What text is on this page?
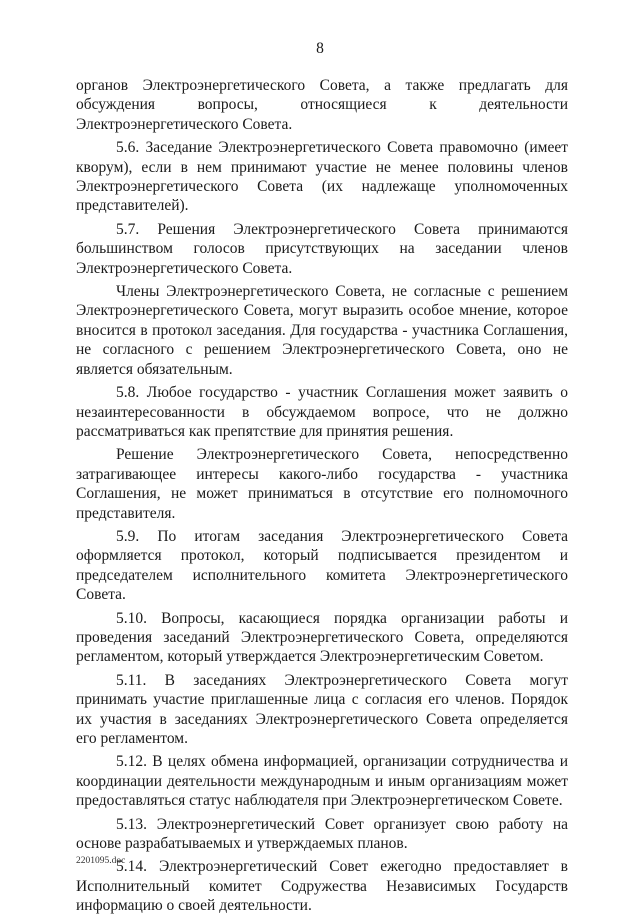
8

органов Электроэнергетического Совета, а также предлагать для обсуждения вопросы, относящиеся к деятельности Электроэнергетического Совета.

5.6. Заседание Электроэнергетического Совета правомочно (имеет кворум), если в нем принимают участие не менее половины членов Электроэнергетического Совета (их надлежаще уполномоченных представителей).

5.7. Решения Электроэнергетического Совета принимаются большинством голосов присутствующих на заседании членов Электроэнергетического Совета.

Члены Электроэнергетического Совета, не согласные с решением Электроэнергетического Совета, могут выразить особое мнение, которое вносится в протокол заседания. Для государства - участника Соглашения, не согласного с решением Электроэнергетического Совета, оно не является обязательным.

5.8. Любое государство - участник Соглашения может заявить о незаинтересованности в обсуждаемом вопросе, что не должно рассматриваться как препятствие для принятия решения.

Решение Электроэнергетического Совета, непосредственно затрагивающее интересы какого-либо государства - участника Соглашения, не может приниматься в отсутствие его полномочного представителя.

5.9. По итогам заседания Электроэнергетического Совета оформляется протокол, который подписывается президентом и председателем исполнительного комитета Электроэнергетического Совета.

5.10. Вопросы, касающиеся порядка организации работы и проведения заседаний Электроэнергетического Совета, определяются регламентом, который утверждается Электроэнергетическим Советом.

5.11. В заседаниях Электроэнергетического Совета могут принимать участие приглашенные лица с согласия его членов. Порядок их участия в заседаниях Электроэнергетического Совета определяется его регламентом.

5.12. В целях обмена информацией, организации сотрудничества и координации деятельности международным и иным организациям может предоставляться статус наблюдателя при Электроэнергетическом Совете.

5.13. Электроэнергетический Совет организует свою работу на основе разрабатываемых и утверждаемых планов.

5.14. Электроэнергетический Совет ежегодно предоставляет в Исполнительный комитет Содружества Независимых Государств информацию о своей деятельности.

2201095.doc
